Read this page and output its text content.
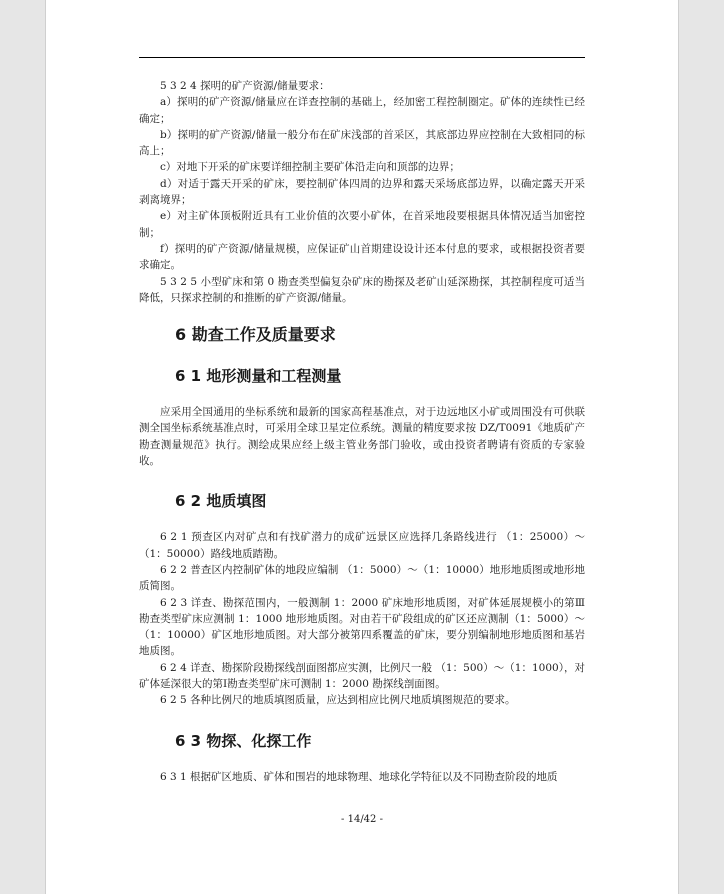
5 3 2 4 探明的矿产资源/储量要求：

a）探明的矿产资源/储量应在详查控制的基础上，经加密工程控制圈定。矿体的连续性已经确定；

b）探明的矿产资源/储量一般分布在矿床浅部的首采区，其底部边界应控制在大致相同的标高上；

c）对地下开采的矿床要详细控制主要矿体沿走向和顶部的边界；

d）对适于露天开采的矿床，要控制矿体四周的边界和露天采场底部边界，以确定露天开采剥离境界；

e）对主矿体顶板附近具有工业价值的次要小矿体，在首采地段要根据具体情况适当加密控制；

f）探明的矿产资源/储量规模，应保证矿山首期建设设计还本付息的要求，或根据投资者要求确定。

5 3 2 5 小型矿床和第 0 勘查类型偏复杂矿床的勘探及老矿山延深勘探，其控制程度可适当降低，只探求控制的和推断的矿产资源/储量。

6 勘查工作及质量要求
6 1 地形测量和工程测量

应采用全国通用的坐标系统和最新的国家高程基准点，对于边远地区小矿或周围没有可供联测全国坐标系统基准点时，可采用全球卫星定位系统。测量的精度要求按 DZ/T0091《地质矿产勘查测量规范》执行。测绘成果应经上级主管业务部门验收，或由投资者聘请有资质的专家验收。

6 2 地质填图

6 2 1 预查区内对矿点和有找矿潜力的成矿远景区应选择几条路线进行 （1：25000）～（1：50000）路线地质踏勘。

6 2 2 普查区内控制矿体的地段应编制 （1：5000）～（1：10000）地形地质图或地形地质简图。

6 2 3 详查、勘探范围内，一般测制 1：2000 矿床地形地质图，对矿体延展规模小的第Ⅲ勘查类型矿床应测制 1：1000 地形地质图。对由若干矿段组成的矿区还应测制（1：5000）～（1：10000）矿区地形地质图。对大部分被第四系覆盖的矿床，要分别编制地形地质图和基岩地质图。

6 2 4 详查、勘探阶段勘探线剖面图都应实测，比例尺一般 （1：500）～（1：1000），对矿体延深很大的第Ⅰ勘查类型矿床可测制 1：2000 勘探线剖面图。

6 2 5 各种比例尺的地质填图质量，应达到相应比例尺地质填图规范的要求。

6 3 物探、化探工作

6 3 1 根据矿区地质、矿体和围岩的地球物理、地球化学特征以及不同勘查阶段的地质

- 14/42 -
